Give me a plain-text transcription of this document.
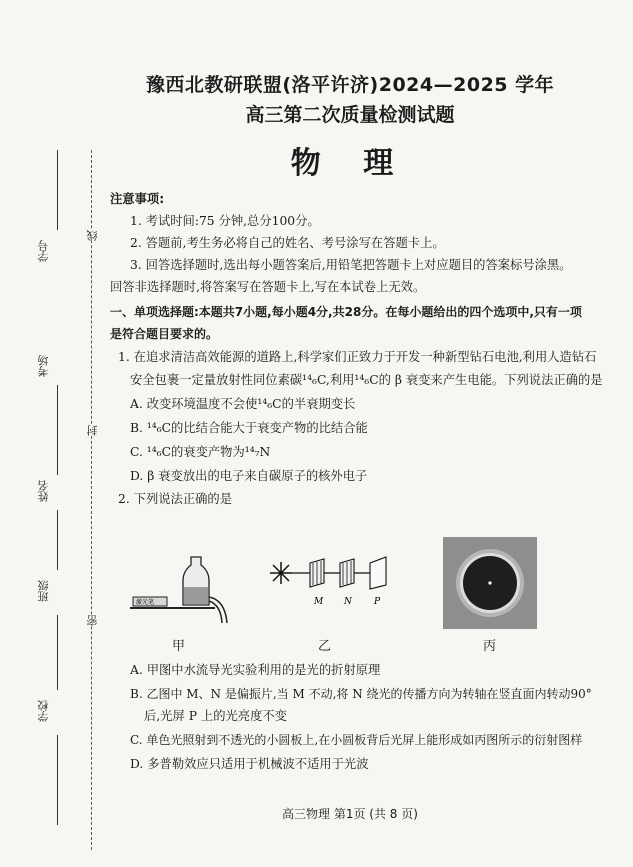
线
封
密
学号
考场
姓名
班级
学校
豫西北教研联盟(洛平许济)2024—2025 学年
高三第二次质量检测试题
物 理
注意事项:
1. 考试时间:75 分钟,总分100分。
2. 答题前,考生务必将自己的姓名、考号涂写在答题卡上。
3. 回答选择题时,选出每小题答案后,用铅笔把答题卡上对应题目的答案标号涂黑。
回答非选择题时,将答案写在答题卡上,写在本试卷上无效。
一、单项选择题:本题共7小题,每小题4分,共28分。在每小题给出的四个选项中,只有一项
是符合题目要求的。
1. 在追求清洁高效能源的道路上,科学家们正致力于开发一种新型钻石电池,利用人造钻石
安全包裹一定量放射性同位素碳¹⁴₆C,利用¹⁴₆C的 β 衰变来产生电能。下列说法正确的是
A. 改变环境温度不会使¹⁴₆C的半衰期变长
B. ¹⁴₆C的比结合能大于衰变产物的比结合能
C. ¹⁴₆C的衰变产物为¹⁴₇N
D. β 衰变放出的电子来自碳原子的核外电子
2. 下列说法正确的是
激光笔	M N P
甲	乙	丙
A. 甲图中水流导光实验利用的是光的折射原理
B. 乙图中 M、N 是偏振片,当 M 不动,将 N 绕光的传播方向为转轴在竖直面内转动90°
后,光屏 P 上的光亮度不变
C. 单色光照射到不透光的小圆板上,在小圆板背后光屏上能形成如丙图所示的衍射图样
D. 多普勒效应只适用于机械波不适用于光波
高三物理 第1页 (共 8 页)
